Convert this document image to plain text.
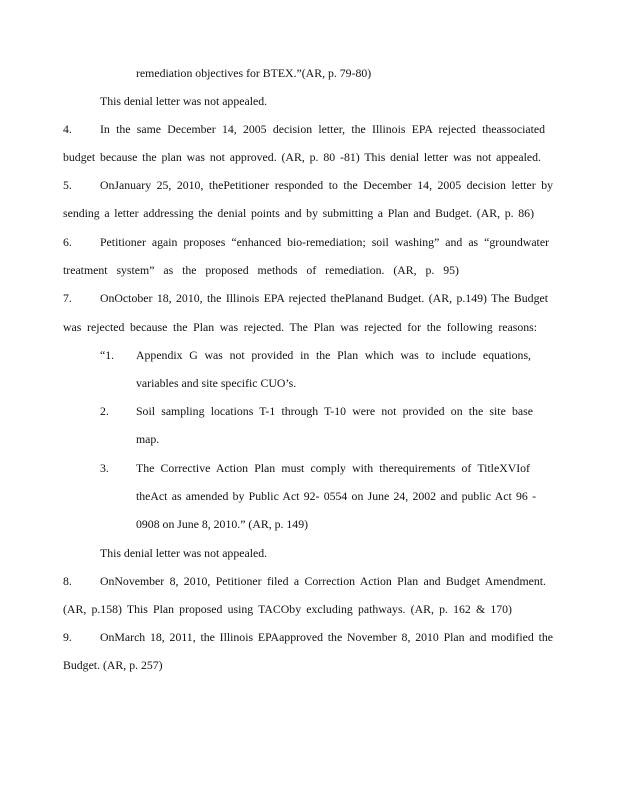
remediation objectives for BTEX.”(AR, p. 79-80)
This denial letter was not appealed.
4. In the same December 14, 2005 decision letter, the Illinois EPA rejected theassociated
budget because the plan was not approved. (AR, p. 80 -81) This denial letter was not appealed.
5. OnJanuary 25, 2010, thePetitioner responded to the December 14, 2005 decision letter by
sending a letter addressing the denial points and by submitting a Plan and Budget. (AR, p. 86)
6. Petitioner again proposes “enhanced bio-remediation; soil washing” and as “groundwater
treatment system” as the proposed methods of remediation. (AR, p. 95)
7. OnOctober 18, 2010, the Illinois EPA rejected thePlanand Budget. (AR, p.149) The Budget
was rejected because the Plan was rejected. The Plan was rejected for the following reasons:
“1. Appendix G was not provided in the Plan which was to include equations,
variables and site specific CUO’s.
2. Soil sampling locations T-1 through T-10 were not provided on the site base
map.
3. The Corrective Action Plan must comply with therequirements of TitleXVIof
theAct as amended by Public Act 92- 0554 on June 24, 2002 and public Act 96 -
0908 on June 8, 2010.” (AR, p. 149)
This denial letter was not appealed.
8. OnNovember 8, 2010, Petitioner filed a Correction Action Plan and Budget Amendment.
(AR, p.158) This Plan proposed using TACOby excluding pathways. (AR, p. 162 & 170)
9. OnMarch 18, 2011, the Illinois EPAapproved the November 8, 2010 Plan and modified the
Budget. (AR, p. 257)
